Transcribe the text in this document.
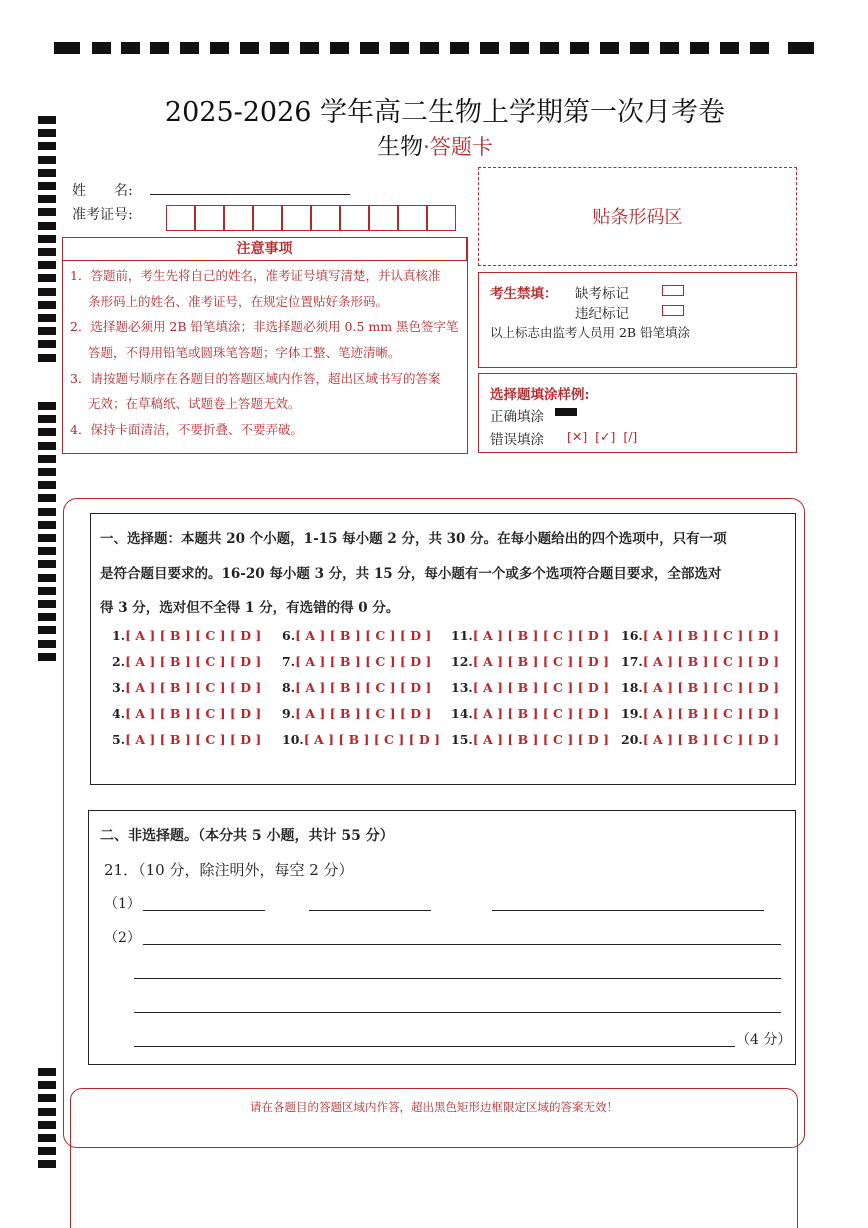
2025-2026 学年高二生物上学期第一次月考卷
生物·答题卡
姓　　名:
准考证号:	贴条形码区
注意事项
1．答题前，考生先将自己的姓名，准考证号填写清楚，并认真核准
条形码上的姓名、准考证号，在规定位置贴好条形码。
2．选择题必须用 2B 铅笔填涂；非选择题必须用 0.5 mm 黑色签字笔
答题，不得用铅笔或圆珠笔答题；字体工整、笔迹清晰。
3．请按题号顺序在各题目的答题区域内作答，超出区域书写的答案
无效；在草稿纸、试题卷上答题无效。
4．保持卡面清洁，不要折叠、不要弄破。
考生禁填： 缺考标记
违纪标记
以上标志由监考人员用 2B 铅笔填涂
选择题填涂样例:
正确填涂
错误填涂 [✕]  [✓]  [/]
一、选择题：本题共 20 个小题，1-15 每小题 2 分，共 30 分。在每小题给出的四个选项中，只有一项
是符合题目要求的。16-20 每小题 3 分，共 15 分，每小题有一个或多个选项符合题目要求，全部选对
得 3 分，选对但不全得 1 分，有选错的得 0 分。
1.[ A ] [ B ] [ C ] [ D ]
2.[ A ] [ B ] [ C ] [ D ]
3.[ A ] [ B ] [ C ] [ D ]
4.[ A ] [ B ] [ C ] [ D ]
5.[ A ] [ B ] [ C ] [ D ]
6.[ A ] [ B ] [ C ] [ D ]
7.[ A ] [ B ] [ C ] [ D ]
8.[ A ] [ B ] [ C ] [ D ]
9.[ A ] [ B ] [ C ] [ D ]
10.[ A ] [ B ] [ C ] [ D ]
11.[ A ] [ B ] [ C ] [ D ]
12.[ A ] [ B ] [ C ] [ D ]
13.[ A ] [ B ] [ C ] [ D ]
14.[ A ] [ B ] [ C ] [ D ]
15.[ A ] [ B ] [ C ] [ D ]
16.[ A ] [ B ] [ C ] [ D ]
17.[ A ] [ B ] [ C ] [ D ]
18.[ A ] [ B ] [ C ] [ D ]
19.[ A ] [ B ] [ C ] [ D ]
20.[ A ] [ B ] [ C ] [ D ]
二、非选择题。（本分共 5 小题，共计 55 分）
21．（10 分，除注明外，每空 2 分）
（1）
（2）
（4 分）
请在各题目的答题区域内作答，超出黑色矩形边框限定区域的答案无效！
